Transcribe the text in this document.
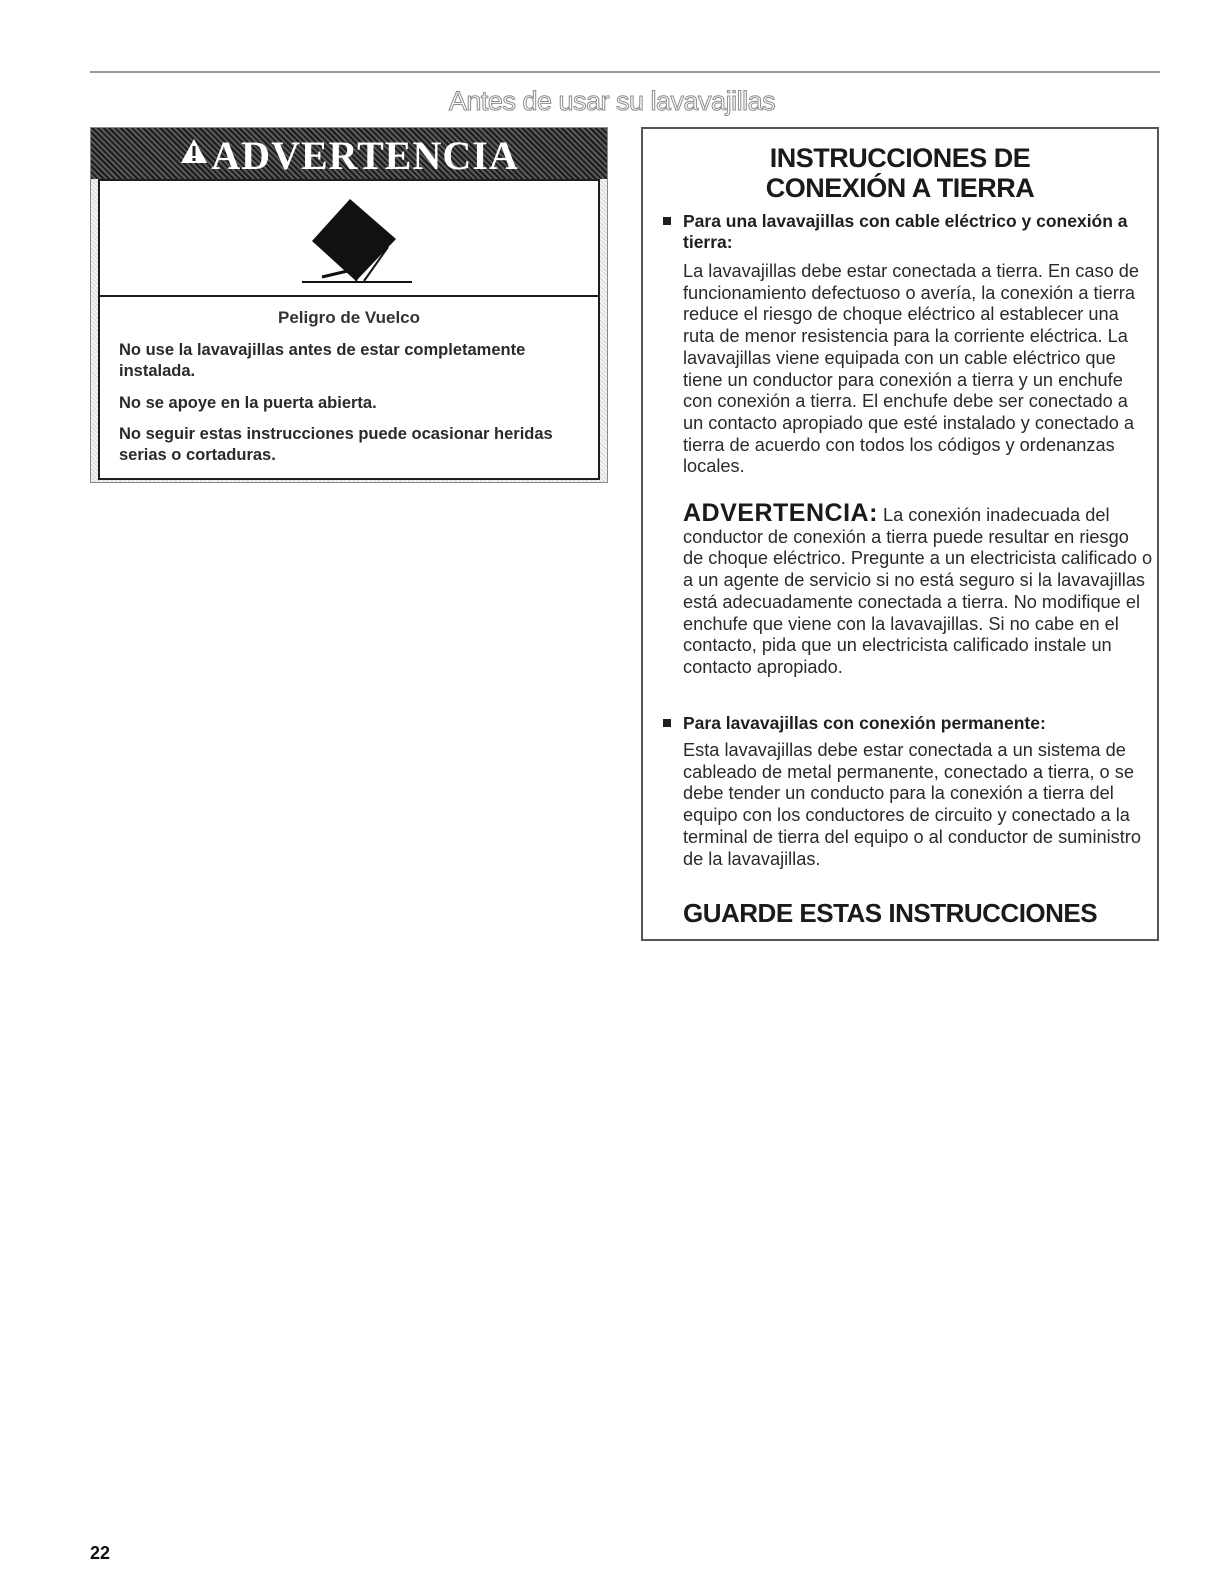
Antes de usar su lavavajillas
ADVERTENCIA
Peligro de Vuelco
No use la lavavajillas antes de estar completamente instalada.
No se apoye en la puerta abierta.
No seguir estas instrucciones puede ocasionar heridas serias o cortaduras.
INSTRUCCIONES DE
CONEXIÓN A TIERRA
Para una lavavajillas con cable eléctrico y conexión a tierra:
La lavavajillas debe estar conectada a tierra. En caso de funcionamiento defectuoso o avería, la conexión a tierra reduce el riesgo de choque eléctrico al establecer una ruta de menor resistencia para la corriente eléctrica. La lavavajillas viene equipada con un cable eléctrico que tiene un conductor para conexión a tierra y un enchufe con conexión a tierra. El enchufe debe ser conectado a un contacto apropiado que esté instalado y conectado a tierra de acuerdo con todos los códigos y ordenanzas locales.
ADVERTENCIA: La conexión inadecuada del conductor de conexión a tierra puede resultar en riesgo de choque eléctrico. Pregunte a un electricista calificado o a un agente de servicio si no está seguro si la lavavajillas está adecuadamente conectada a tierra. No modifique el enchufe que viene con la lavavajillas. Si no cabe en el contacto, pida que un electricista calificado instale un contacto apropiado.
Para lavavajillas con conexión permanente:
Esta lavavajillas debe estar conectada a un sistema de cableado de metal permanente, conectado a tierra, o se debe tender un conducto para la conexión a tierra del equipo con los conductores de circuito y conectado a la terminal de tierra del equipo o al conductor de suministro de la lavavajillas.
GUARDE ESTAS INSTRUCCIONES
22
